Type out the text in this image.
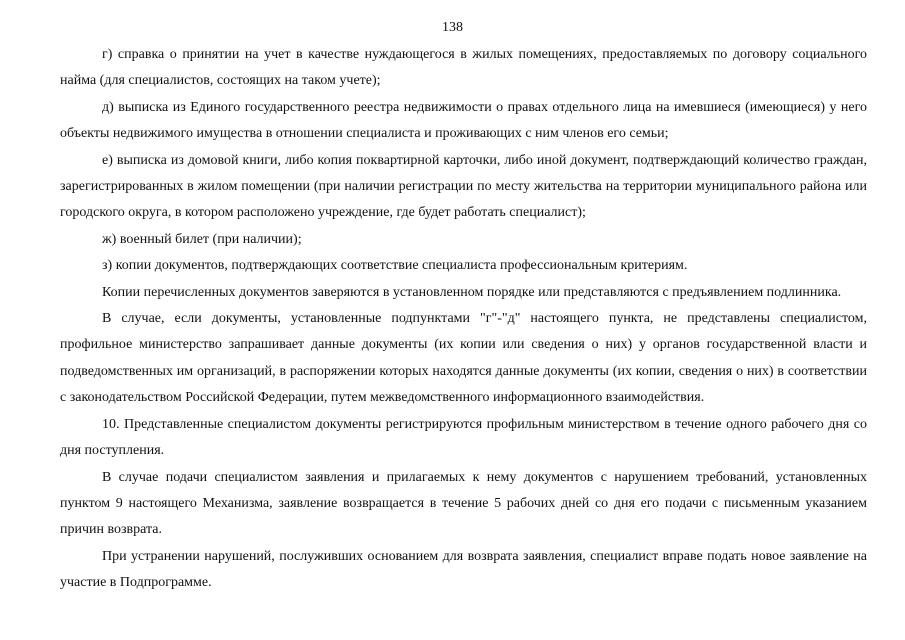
138

г) справка о принятии на учет в качестве нуждающегося в жилых помещениях, предоставляемых по договору социального найма (для специалистов, состоящих на таком учете);

д) выписка из Единого государственного реестра недвижимости о правах отдельного лица на имевшиеся (имеющиеся) у него объекты недвижимого имущества в отношении специалиста и проживающих с ним членов его семьи;

е) выписка из домовой книги, либо копия поквартирной карточки, либо иной документ, подтверждающий количество граждан, зарегистрированных в жилом помещении (при наличии регистрации по месту жительства на территории муниципального района или городского округа, в котором расположено учреждение, где будет работать специалист);

ж) военный билет (при наличии);

з) копии документов, подтверждающих соответствие специалиста профессиональным критериям.

Копии перечисленных документов заверяются в установленном порядке или представляются с предъявлением подлинника.

В случае, если документы, установленные подпунктами "г"-"д" настоящего пункта, не представлены специалистом, профильное министерство запрашивает данные документы (их копии или сведения о них) у органов государственной власти и подведомственных им организаций, в распоряжении которых находятся данные документы (их копии, сведения о них) в соответствии с законодательством Российской Федерации, путем межведомственного информационного взаимодействия.

10. Представленные специалистом документы регистрируются профильным министерством в течение одного рабочего дня со дня поступления.

В случае подачи специалистом заявления и прилагаемых к нему документов с нарушением требований, установленных пунктом 9 настоящего Механизма, заявление возвращается в течение 5 рабочих дней со дня его подачи с письменным указанием причин возврата.

При устранении нарушений, послуживших основанием для возврата заявления, специалист вправе подать новое заявление на участие в Подпрограмме.
